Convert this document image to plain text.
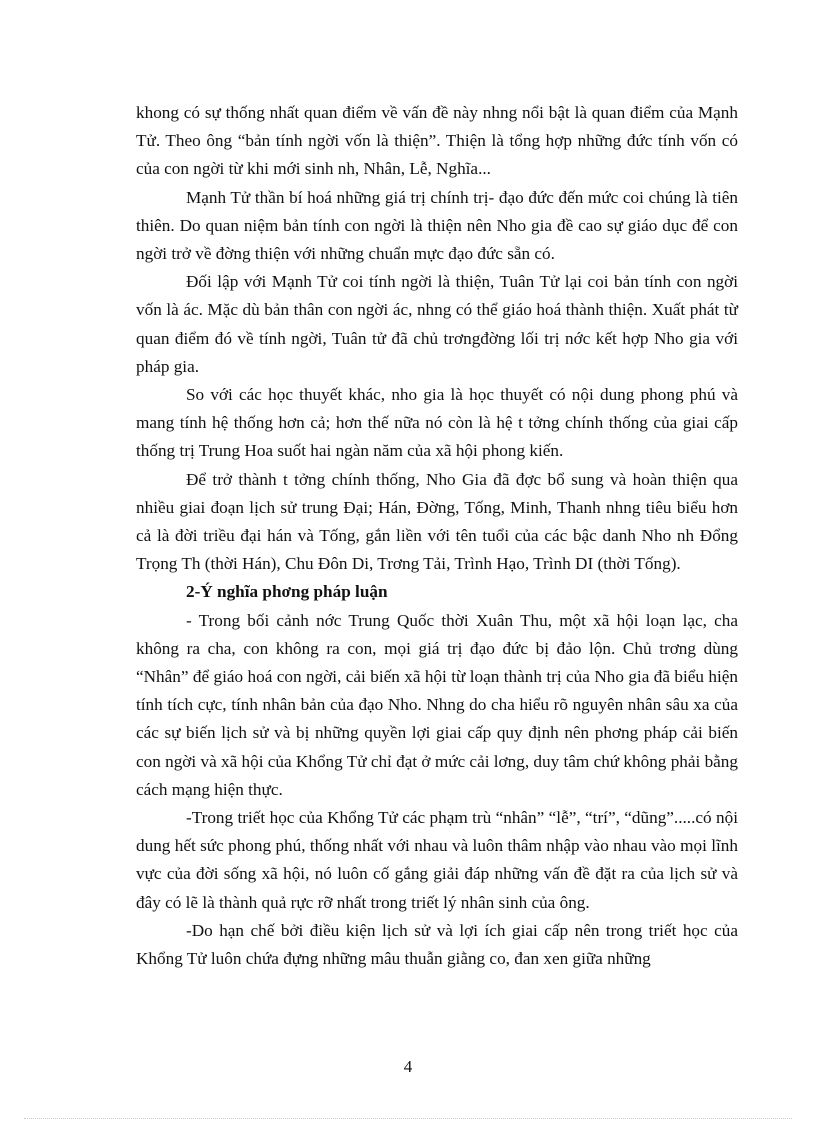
khong có sự thống nhất quan điểm về vấn đề này nhng nổi bật là quan điểm của Mạnh Tử. Theo ông “bản tính ngời vốn là thiện”. Thiện là tổng hợp những đức tính vốn có của con ngời từ khi mới sinh nh, Nhân, Lễ, Nghĩa...

Mạnh Tử thần bí hoá những giá trị chính trị- đạo đức đến mức coi chúng là tiên thiên. Do quan niệm bản tính con ngời là thiện nên Nho gia đề cao sự giáo dục để con ngời trở về đờng thiện với những chuẩn mực đạo đức sẵn có.

Đối lập với Mạnh Tử coi tính ngời là thiện, Tuân Tử lại coi bản tính con ngời vốn là ác. Mặc dù bản thân con ngời ác, nhng có thể giáo hoá thành thiện. Xuất phát từ quan điểm đó về tính ngời, Tuân tử đã chủ trơngđờng lối trị nớc kết hợp Nho gia với pháp gia.

So với các học thuyết khác, nho gia là học thuyết có nội dung phong phú và mang tính hệ thống hơn cả; hơn thế nữa nó còn là hệ t tởng chính thống của giai cấp thống trị Trung Hoa suốt hai ngàn năm của xã hội phong kiến.

Để trở thành t tởng chính thống, Nho Gia đã đợc bổ sung và hoàn thiện qua nhiều giai đoạn lịch sử trung Đại; Hán, Đờng, Tống, Minh, Thanh nhng tiêu biểu hơn cả là đời triều đại hán và Tống, gắn liền với tên tuổi của các bậc danh Nho nh Đổng Trọng Th (thời Hán), Chu Đôn Di, Trơng Tải, Trình Hạo, Trình DI (thời Tống).

2-Ý nghĩa phơng pháp luận

- Trong bối cảnh nớc Trung Quốc thời Xuân Thu, một xã hội loạn lạc, cha không ra cha, con không ra con, mọi giá trị đạo đức bị đảo lộn. Chủ trơng dùng “Nhân” để giáo hoá con ngời, cải biến xã hội từ loạn thành trị của Nho gia đã biểu hiện tính tích cực, tính nhân bản của đạo Nho. Nhng do cha hiểu rõ nguyên nhân sâu xa của các sự biến lịch sử và bị những quyền lợi giai cấp quy định nên phơng pháp cải biến con ngời và xã hội của Khổng Tử chỉ đạt ở mức cải lơng, duy tâm chứ không phải bằng cách mạng hiện thực.

-Trong triết học của Khổng Tử các phạm trù “nhân” “lễ”, “trí”, “dũng”.....có nội dung hết sức phong phú, thống nhất với nhau và luôn thâm nhập vào nhau vào mọi lĩnh vực của đời sống xã hội, nó luôn cố gắng giải đáp những vấn đề đặt ra của lịch sử và đây có lẽ là thành quả rực rỡ nhất trong triết lý nhân sinh của ông.

-Do hạn chế bởi điều kiện lịch sử và lợi ích giai cấp nên trong triết học của Khổng Tử luôn chứa đựng những mâu thuẫn giằng co, đan xen giữa những

4
